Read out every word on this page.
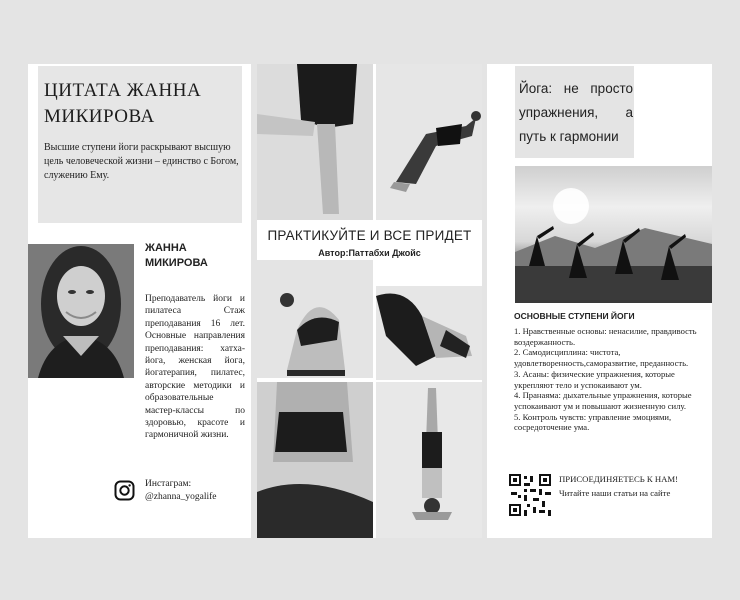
ЦИТАТА ЖАННА МИКИРОВА
Высшие ступени йоги раскрывают высшую цель человеческой жизни – единство с Богом, служению Ему.
ЖАННА МИКИРОВА
Преподаватель йоги и пилатеса Стаж преподавания 16 лет. Основные направления преподавания: хатха-йога, женская йога, йогатерапия, пилатес, авторские методики и образовательные мастер-классы по здоровью, красоте и гармоничной жизни.
Инстаграм:
@zhanna_yogalife
ПРАКТИКУЙТЕ И ВСЕ ПРИДЕТ
Автор:Паттабхи Джойс
Йога: не просто упражнения, а путь к гармонии
ОСНОВНЫЕ СТУПЕНИ ЙОГИ

1. Нравственные основы: ненасилие, правдивость воздержанность.

2. Самодисциплина: чистота, удовлетворенность,саморазвитие, преданность.

3. Асаны: физические упражнения, которые укрепляют тело и успокаивают ум.

4. Пранаяма: дыхательные упражнения, которые успокаивают ум и повышают жизненную силу.

5. Контроль чувств: управление эмоциями, сосредоточение ума.

ПРИСОЕДИНЯЕТЕСЬ К НАМ!
Читайте наши статьи на сайте
